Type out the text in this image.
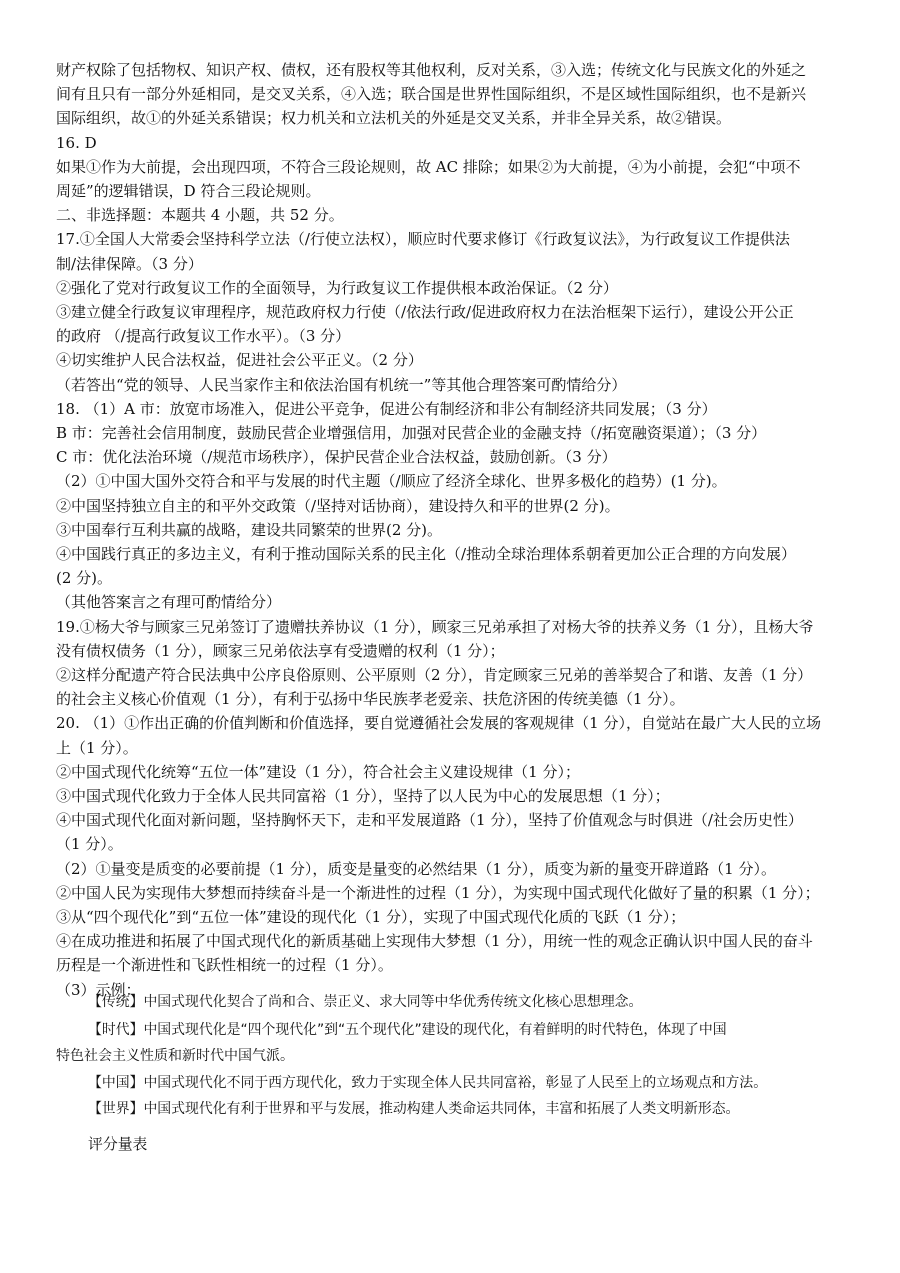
财产权除了包括物权、知识产权、债权，还有股权等其他权利，反对关系，③入选；传统文化与民族文化的外延之
间有且只有一部分外延相同，是交叉关系，④入选；联合国是世界性国际组织，不是区域性国际组织，也不是新兴
国际组织，故①的外延关系错误；权力机关和立法机关的外延是交叉关系，并非全异关系，故②错误。
16. D
如果①作为大前提，会出现四项，不符合三段论规则，故 AC 排除；如果②为大前提，④为小前提，会犯“中项不
周延”的逻辑错误，D 符合三段论规则。
二、非选择题：本题共 4 小题，共 52 分。
17.①全国人大常委会坚持科学立法（/行使立法权），顺应时代要求修订《行政复议法》，为行政复议工作提供法
制/法律保障。（3 分）
②强化了党对行政复议工作的全面领导，为行政复议工作提供根本政治保证。（2 分）
③建立健全行政复议审理程序，规范政府权力行使（/依法行政/促进政府权力在法治框架下运行），建设公开公正
的政府 （/提高行政复议工作水平）。（3 分）
④切实维护人民合法权益，促进社会公平正义。（2 分）
（若答出“党的领导、人民当家作主和依法治国有机统一”等其他合理答案可酌情给分）
18. （1）A 市：放宽市场准入，促进公平竞争，促进公有制经济和非公有制经济共同发展；（3 分）
B 市：完善社会信用制度，鼓励民营企业增强信用，加强对民营企业的金融支持（/拓宽融资渠道）；（3 分）
C 市：优化法治环境（/规范市场秩序），保护民营企业合法权益，鼓励创新。（3 分）
（2）①中国大国外交符合和平与发展的时代主题（/顺应了经济全球化、世界多极化的趋势）(1 分)。
②中国坚持独立自主的和平外交政策（/坚持对话协商），建设持久和平的世界(2 分)。
③中国奉行互利共赢的战略，建设共同繁荣的世界(2 分)。
④中国践行真正的多边主义，有利于推动国际关系的民主化（/推动全球治理体系朝着更加公正合理的方向发展）
(2 分)。
（其他答案言之有理可酌情给分）
19.①杨大爷与顾家三兄弟签订了遗赠扶养协议（1 分），顾家三兄弟承担了对杨大爷的扶养义务（1 分），且杨大爷
没有债权债务（1 分），顾家三兄弟依法享有受遗赠的权利（1 分）；
②这样分配遗产符合民法典中公序良俗原则、公平原则（2 分），肯定顾家三兄弟的善举契合了和谐、友善（1 分）
的社会主义核心价值观（1 分），有利于弘扬中华民族孝老爱亲、扶危济困的传统美德（1 分）。
20. （1）①作出正确的价值判断和价值选择，要自觉遵循社会发展的客观规律（1 分），自觉站在最广大人民的立场
上（1 分）。
②中国式现代化统筹“五位一体”建设（1 分），符合社会主义建设规律（1 分）；
③中国式现代化致力于全体人民共同富裕（1 分），坚持了以人民为中心的发展思想（1 分）；
④中国式现代化面对新问题，坚持胸怀天下，走和平发展道路（1 分），坚持了价值观念与时俱进（/社会历史性）
（1 分）。
（2）①量变是质变的必要前提（1 分），质变是量变的必然结果（1 分），质变为新的量变开辟道路（1 分）。
②中国人民为实现伟大梦想而持续奋斗是一个渐进性的过程（1 分），为实现中国式现代化做好了量的积累（1 分）；
③从“四个现代化”到“五位一体”建设的现代化（1 分），实现了中国式现代化质的飞跃（1 分）；
④在成功推进和拓展了中国式现代化的新质基础上实现伟大梦想（1 分），用统一性的观念正确认识中国人民的奋斗
历程是一个渐进性和飞跃性相统一的过程（1 分）。
（3）示例：
【传统】中国式现代化契合了尚和合、崇正义、求大同等中华优秀传统文化核心思想理念。
【时代】中国式现代化是“四个现代化”到“五个现代化”建设的现代化，有着鲜明的时代特色，体现了中国
特色社会主义性质和新时代中国气派。
【中国】中国式现代化不同于西方现代化，致力于实现全体人民共同富裕，彰显了人民至上的立场观点和方法。
【世界】中国式现代化有利于世界和平与发展，推动构建人类命运共同体，丰富和拓展了人类文明新形态。
评分量表
